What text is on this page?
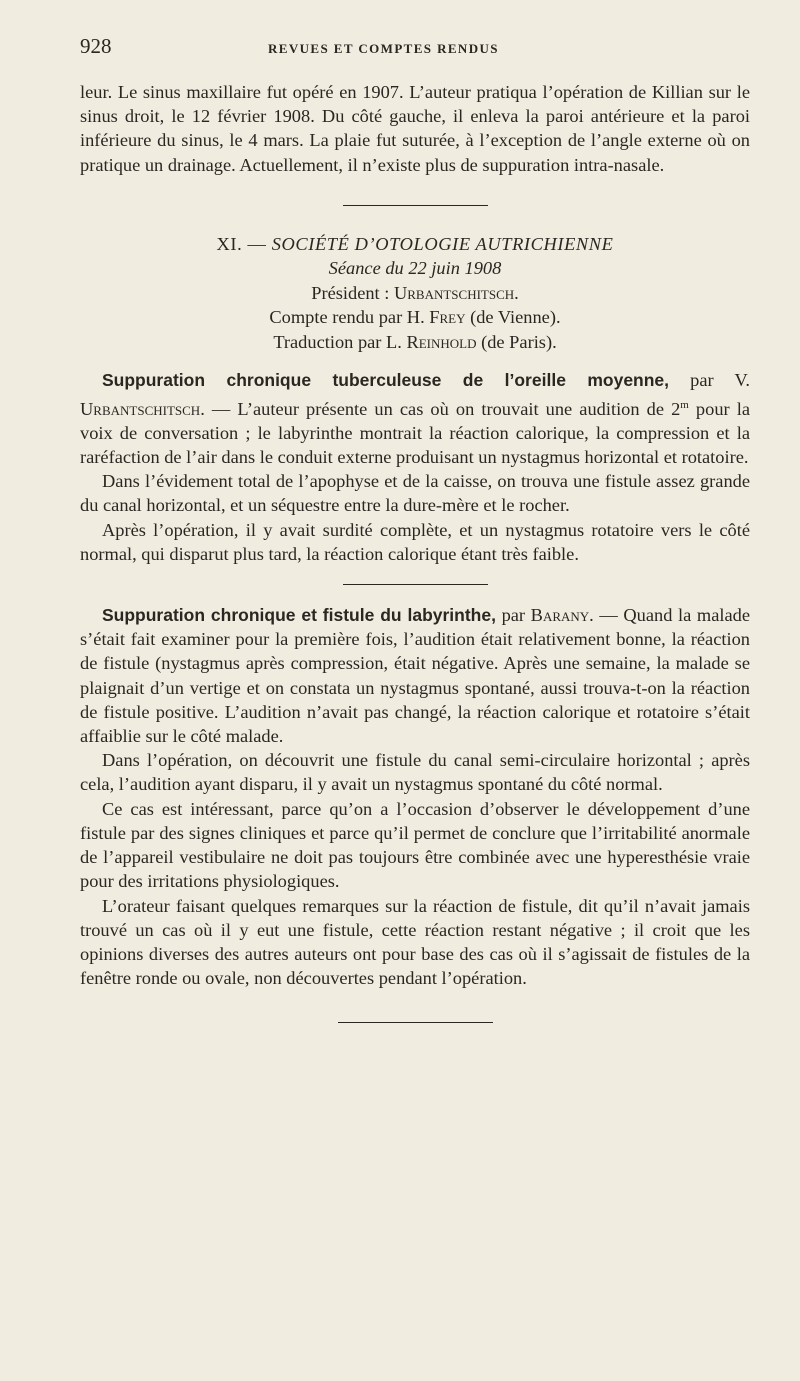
928	REVUES ET COMPTES RENDUS

leur. Le sinus maxillaire fut opéré en 1907. L’auteur pratiqua l’opération de Killian sur le sinus droit, le 12 février 1908. Du côté gauche, il enleva la paroi antérieure et la paroi inférieure du sinus, le 4 mars. La plaie fut suturée, à l’exception de l’angle externe où on pratique un drainage. Actuellement, il n’existe plus de suppuration intra-nasale.

XI. — SOCIÉTÉ D’OTOLOGIE AUTRICHIENNE
Séance du 22 juin 1908
Président : Urbantschitsch.
Compte rendu par H. Frey (de Vienne).
Traduction par L. Reinhold (de Paris).

Suppuration chronique tuberculeuse de l’oreille moyenne, par V. Urbantschitsch. — L’auteur présente un cas où on trouvait une audition de 2$^m$ pour la voix de conversation ; le labyrinthe montrait la réaction calorique, la compression et la raréfaction de l’air dans le conduit externe produisant un nystagmus horizontal et rotatoire.

Dans l’évidement total de l’apophyse et de la caisse, on trouva une fistule assez grande du canal horizontal, et un séquestre entre la dure-mère et le rocher.

Après l’opération, il y avait surdité complète, et un nystagmus rotatoire vers le côté normal, qui disparut plus tard, la réaction calorique étant très faible.

Suppuration chronique et fistule du labyrinthe, par Barany. — Quand la malade s’était fait examiner pour la première fois, l’audition était relativement bonne, la réaction de fistule (nystagmus après compression, était négative. Après une semaine, la malade se plaignait d’un vertige et on constata un nystagmus spontané, aussi trouva-t-on la réaction de fistule positive. L’audition n’avait pas changé, la réaction calorique et rotatoire s’était affaiblie sur le côté malade.

Dans l’opération, on découvrit une fistule du canal semi-circulaire horizontal ; après cela, l’audition ayant disparu, il y avait un nystagmus spontané du côté normal.

Ce cas est intéressant, parce qu’on a l’occasion d’observer le développement d’une fistule par des signes cliniques et parce qu’il permet de conclure que l’irritabilité anormale de l’appareil vestibulaire ne doit pas toujours être combinée avec une hyperesthésie vraie pour des irritations physiologiques.

L’orateur faisant quelques remarques sur la réaction de fistule, dit qu’il n’avait jamais trouvé un cas où il y eut une fistule, cette réaction restant négative ; il croit que les opinions diverses des autres auteurs ont pour base des cas où il s’agissait de fistules de la fenêtre ronde ou ovale, non découvertes pendant l’opération.
